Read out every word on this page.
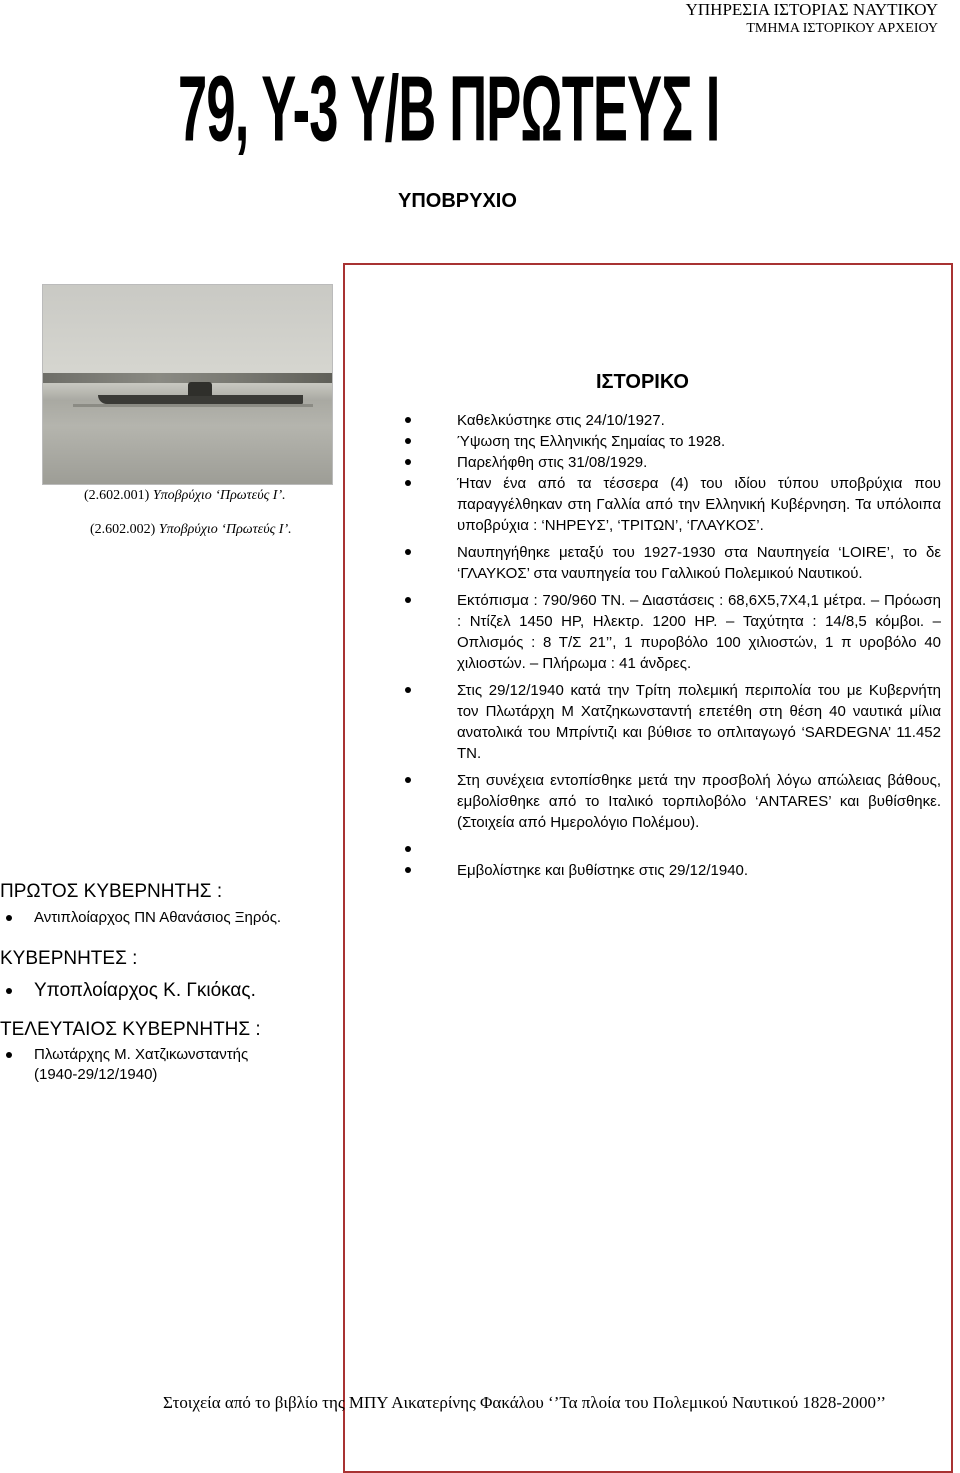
ΥΠΗΡΕΣΙΑ ΙΣΤΟΡΙΑΣ ΝΑΥΤΙΚΟΥ
ΤΜΗΜΑ ΙΣΤΟΡΙΚΟΥ ΑΡΧΕΙΟΥ
79, Υ-3 Υ/Β ΠΡΩΤΕΥΣ Ι
ΥΠΟΒΡΥΧΙΟ
(2.602.001) Υποβρύχιο ‘Πρωτεύς Ι’.
(2.602.002) Υποβρύχιο ‘Πρωτεύς Ι’.
ΙΣΤΟΡΙΚΟ
Καθελκύστηκε στις 24/10/1927.
Ύψωση της Ελληνικής Σημαίας το 1928.
Παρελήφθη στις 31/08/1929.
Ήταν ένα από τα τέσσερα (4) του ιδίου τύπου υποβρύχια που παραγγέλθηκαν στη Γαλλία από την Ελληνική Κυβέρνηση. Τα υπόλοιπα υποβρύχια : ‘ΝΗΡΕΥΣ’, ‘ΤΡΙΤΩΝ’, ‘ΓΛΑΥΚΟΣ’.
Ναυπηγήθηκε μεταξύ του 1927-1930 στα Ναυπηγεία ‘LOIRE’, το δε ‘ΓΛΑΥΚΟΣ’ στα ναυπηγεία του Γαλλικού Πολεμικού Ναυτικού.
Εκτόπισμα : 790/960 ΤΝ. – Διαστάσεις : 68,6Χ5,7Χ4,1 μέτρα. – Πρόωση : Ντίζελ 1450 HP, Ηλεκτρ. 1200 HP. – Ταχύτητα : 14/8,5 κόμβοι. – Οπλισμός : 8 Τ/Σ 21’’, 1 πυροβόλο 100 χιλιοστών, 1 π υροβόλο 40 χιλιοστών. – Πλήρωμα : 41 άνδρες.
Στις 29/12/1940 κατά την Τρίτη πολεμική περιπολία του με Κυβερνήτη τον Πλωτάρχη Μ Χατζηκωνσταντή επετέθη στη θέση 40 ναυτικά μίλια ανατολικά του Μπρίντιζι και βύθισε το οπλιταγωγό ‘SARDEGNA’ 11.452 ΤΝ.
Στη συνέχεια εντοπίσθηκε μετά την προσβολή λόγω απώλειας βάθους, εμβολίσθηκε από το Ιταλικό τορπιλοβόλο ‘ANTARES’ και βυθίσθηκε. (Στοιχεία από Ημερολόγιο Πολέμου).
Εμβολίστηκε και βυθίστηκε στις 29/12/1940.

ΠΡΩΤΟΣ ΚΥΒΕΡΝΗΤΗΣ :

Αντιπλοίαρχος ΠΝ Αθανάσιος Ξηρός.

ΚΥΒΕΡΝΗΤΕΣ :

Υποπλοίαρχος Κ. Γκιόκας.

ΤΕΛΕΥΤΑΙΟΣ ΚΥΒΕΡΝΗΤΗΣ :

Πλωτάρχης Μ. Χατζικωνσταντής
(1940-29/12/1940)
Στοιχεία από το βιβλίο της ΜΠΥ Αικατερίνης Φακάλου ‘’Τα πλοία του Πολεμικού Ναυτικού 1828-2000’’
